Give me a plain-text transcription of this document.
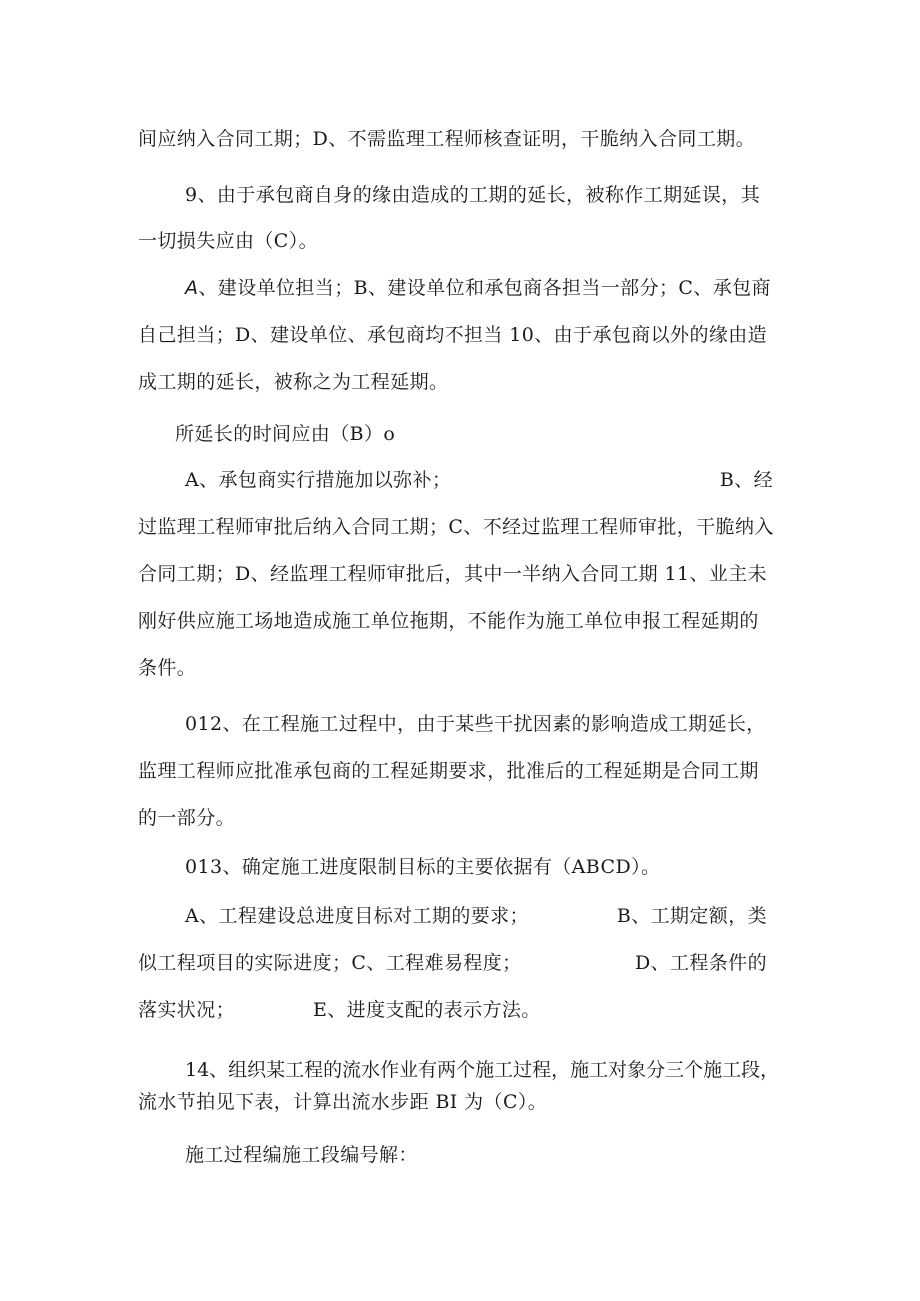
间应纳入合同工期；D、不需监理工程师核查证明，干脆纳入合同工期。
9、由于承包商自身的缘由造成的工期的延长，被称作工期延误，其
一切损失应由（C）。
A、建设单位担当；B、建设单位和承包商各担当一部分；C、承包商
自己担当；D、建设单位、承包商均不担当 10、由于承包商以外的缘由造
成工期的延长，被称之为工程延期。
所延长的时间应由（B）o
A、承包商实行措施加以弥补；	B、经
过监理工程师审批后纳入合同工期；C、不经过监理工程师审批，干脆纳入
合同工期；D、经监理工程师审批后，其中一半纳入合同工期 11、业主未
刚好供应施工场地造成施工单位拖期，不能作为施工单位申报工程延期的
条件。
012、在工程施工过程中，由于某些干扰因素的影响造成工期延长，
监理工程师应批准承包商的工程延期要求，批准后的工程延期是合同工期
的一部分。
013、确定施工进度限制目标的主要依据有（ABCD）。
A、工程建设总进度目标对工期的要求；	B、工期定额，类
似工程项目的实际进度；C、工程难易程度；	D、工程条件的
落实状况；	E、进度支配的表示方法。
14、组织某工程的流水作业有两个施工过程，施工对象分三个施工段，
流水节拍见下表，计算出流水步距 BI 为（C）。
施工过程编施工段编号解：
